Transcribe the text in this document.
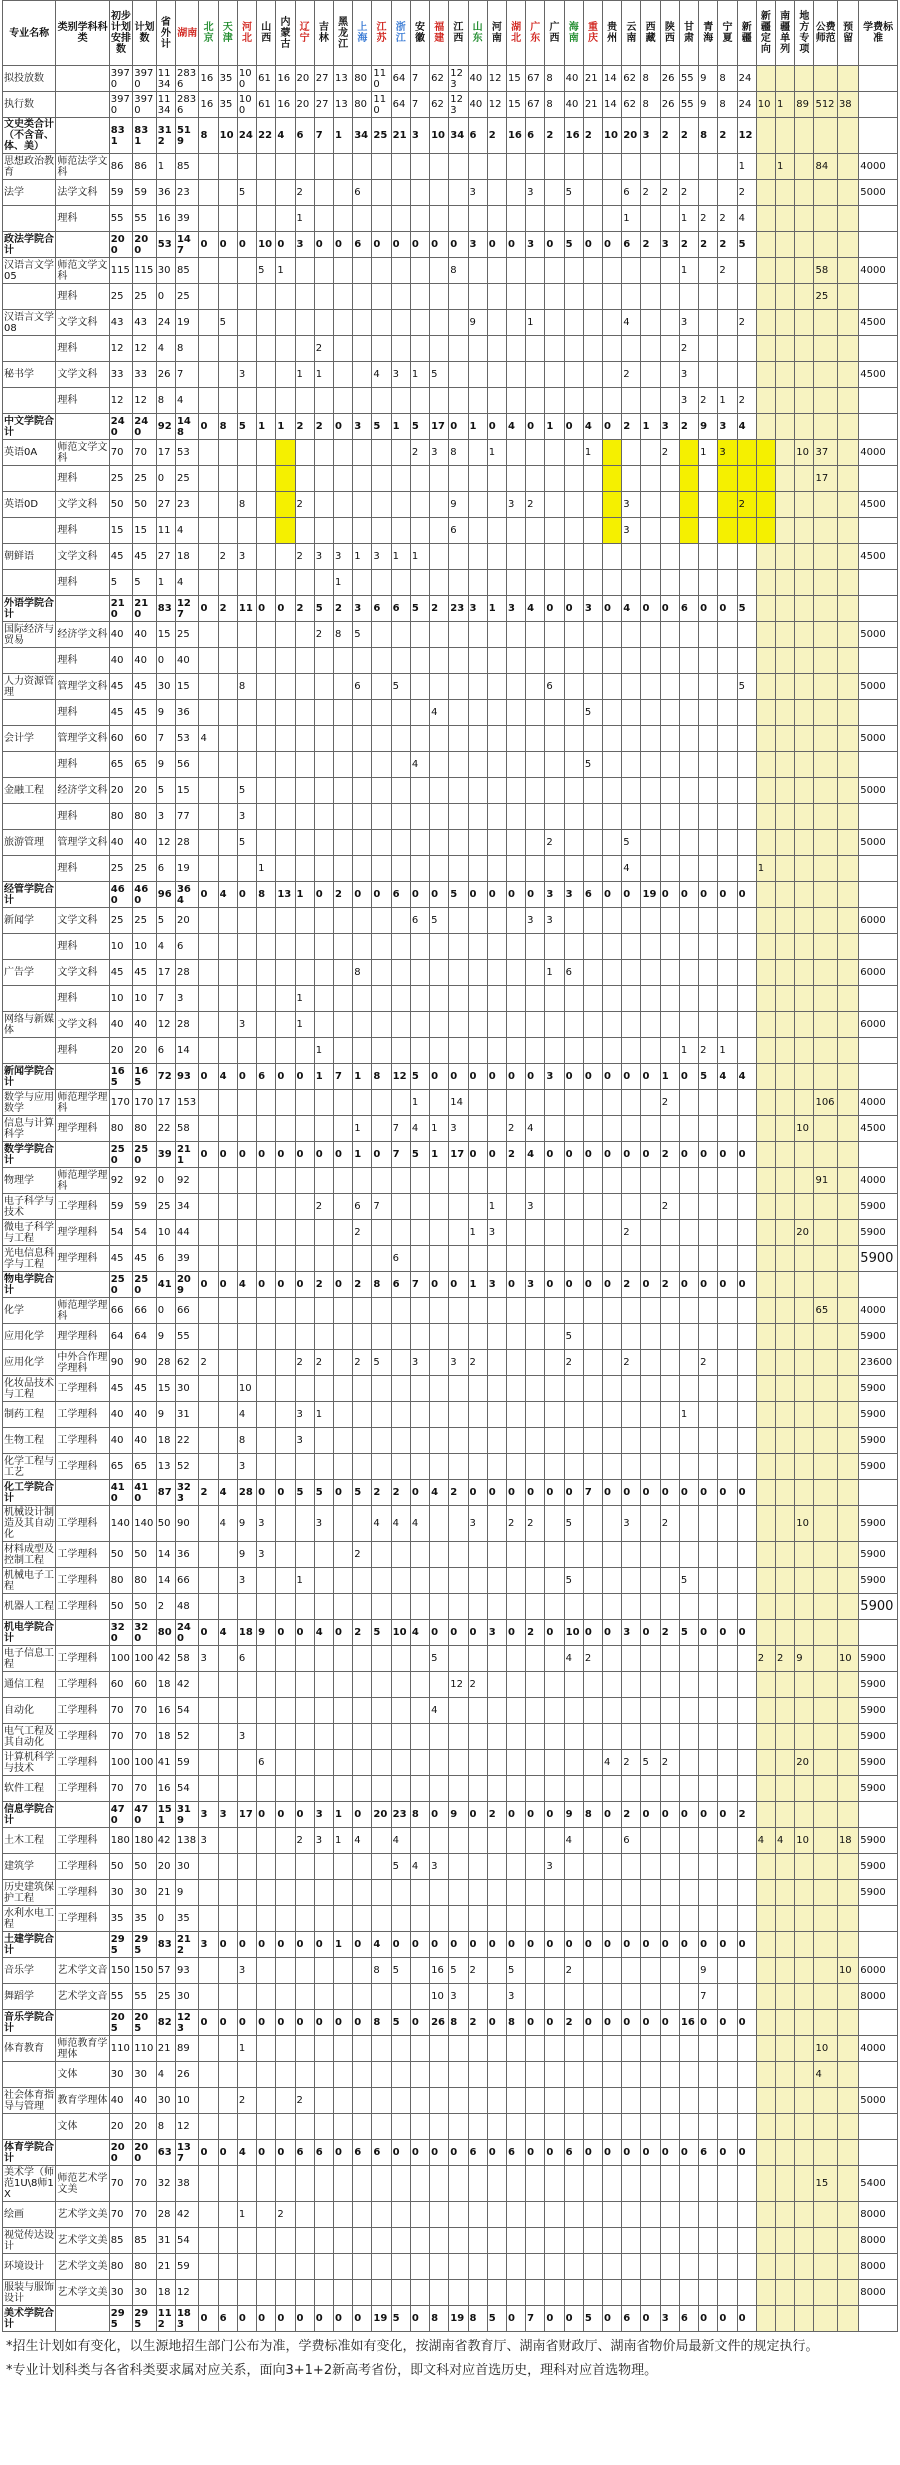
专业名称	类别学科科类	初步计划安排数	计划数	省外计	湖南	北京	天津	河北	山西	内蒙古	辽宁	吉林	黑龙江	上海	江苏	浙江	安徽	福建	江西	山东	河南	湖北	广东	广西	海南	重庆	贵州	云南	西藏	陕西	甘肃	青海	宁夏	新疆	新疆定向	南疆单列	地方专项	公费师范	预留	学费标准
拟投放数		3970	3970	1134	2836	16	35	100	61	16	20	27	13	80	110	64	7	62	123	40	12	15	67	8	40	21	14	62	8	26	55	9	8	24						
执行数		3970	3970	1134	2836	16	35	100	61	16	20	27	13	80	110	64	7	62	123	40	12	15	67	8	40	21	14	62	8	26	55	9	8	24	10	1	89	512	38	
文史类合计（不含音、体、美）		831	831	312	519	8	10	24	22	4	6	7	1	34	25	21	3	10	34	6	2	16	6	2	16	2	10	20	3	2	2	8	2	12						
思想政治教育	师范法学文科	86	86	1	85																													1		1		84		4000
法学	法学文科	59	59	36	23			5			2			6						3			3		5			6	2	2	2			2						5000
	理科	55	55	16	39						1																	1			1	2	2	4						
政法学院合计		200	200	53	147	0	0	0	10	0	3	0	0	6	0	0	0	0	0	3	0	0	3	0	5	0	0	6	2	3	2	2	2	5						
汉语言文学05	师范文学文科	115	115	30	85				5	1									8												1		2					58		4000
	理科	25	25	0	25																																	25		
汉语言文学08	文学文科	43	43	24	19		5													9			1					4			3			2						4500
	理科	12	12	4	8							2																			2									
秘书学	文学文科	33	33	26	7			3			1	1			4	3	1	5										2			3									4500
	理科	12	12	8	4																										3	2	1	2						
中文学院合计		240	240	92	148	0	8	5	1	1	2	2	0	3	5	1	5	17	0	1	0	4	0	1	0	4	0	2	1	3	2	9	3	4						
英语0A	师范文学文科	70	70	17	53												2	3	8		1					1				2		1	3				10	37		4000
	理科	25	25	0	25																																	17		
英语0D	文学文科	50	50	27	23			8			2								9			3	2					3						2						4500
	理科	15	15	11	4														6									3												
朝鲜语	文学文科	45	45	27	18		2	3			2	3	3	1	3	1	1																							4500
	理科	5	5	1	4								1																											
外语学院合计		210	210	83	127	0	2	11	0	0	2	5	2	3	6	6	5	2	23	3	1	3	4	0	0	3	0	4	0	0	6	0	0	5						
国际经济与贸易	经济学文科	40	40	15	25							2	8	5																										5000
	理科	40	40	0	40																																			
人力资源管理	管理学文科	45	45	30	15			8						6		5								6										5						5000
	理科	45	45	9	36													4								5														
会计学	管理学文科	60	60	7	53	4																																		5000
	理科	65	65	9	56												4									5														
金融工程	经济学文科	20	20	5	15			5																																5000
	理科	80	80	3	77			3																																
旅游管理	管理学文科	40	40	12	28			5																2				5												5000
	理科	25	25	6	19				1																			4							1					
经管学院合计		460	460	96	364	0	4	0	8	13	1	0	2	0	0	6	0	0	5	0	0	0	0	3	3	6	0	0	19	0	0	0	0	0						
新闻学	文学文科	25	25	5	20												6	5					3	3																6000
	理科	10	10	4	6																																			
广告学	文学文科	45	45	17	28									8										1	6															6000
	理科	10	10	7	3						1																													
网络与新媒体	文学文科	40	40	12	28			3			1																													6000
	理科	20	20	6	14							1																			1	2	1							
新闻学院合计		165	165	72	93	0	4	0	6	0	0	1	7	1	8	12	5	0	0	0	0	0	0	3	0	0	0	0	0	1	0	5	4	4						
数学与应用数学	师范理学理科	170	170	17	153												1		14											2								106		4000
信息与计算科学	理学理科	80	80	22	58									1		7	4	1	3			2	4														10			4500
数学学院合计		250	250	39	211	0	0	0	0	0	0	0	0	1	0	7	5	1	17	0	0	2	4	0	0	0	0	0	0	2	0	0	0	0						
物理学	师范理学理科	92	92	0	92																																	91		4000
电子科学与技术	工学理科	59	59	25	34							2		6	7						1		3							2										5900
微电子科学与工程	理学理科	54	54	10	44									2						1	3							2									20			5900
光电信息科学与工程	理学理科	45	45	6	39											6																								5900
物电学院合计		250	250	41	209	0	0	4	0	0	0	2	0	2	8	6	7	0	0	1	3	0	3	0	0	0	0	2	0	2	0	0	0	0						
化学	师范理学理科	66	66	0	66																																	65		4000
应用化学	理学理科	64	64	9	55																				5															5900
应用化学	中外合作理学理科	90	90	28	62	2					2	2		2	5		3		3	2					2			2				2								23600
化妆品技术与工程	工学理科	45	45	15	30			10																																5900
制药工程	工学理科	40	40	9	31			4			3	1																			1									5900
生物工程	工学理科	40	40	18	22			8			3																													5900
化学工程与工艺	工学理科	65	65	13	52			3																																5900
化工学院合计		410	410	87	323	2	4	28	0	0	5	5	0	5	2	2	0	4	2	0	0	0	0	0	0	7	0	0	0	0	0	0	0	0						
机械设计制造及其自动化	工学理科	140	140	50	90		4	9	3			3			4	4	4			3		2	2		5			3		2							10			5900
材料成型及控制工程	工学理科	50	50	14	36			9	3					2																										5900
机械电子工程	工学理科	80	80	14	66			3			1														5						5									5900
机器人工程	工学理科	50	50	2	48																																			5900
机电学院合计		320	320	80	240	0	4	18	9	0	0	4	0	2	5	10	4	0	0	0	3	0	2	0	10	0	0	3	0	2	5	0	0	0						
电子信息工程	工学理科	100	100	42	58	3		6										5							4	2									2	2	9		10	5900
通信工程	工学理科	60	60	18	42														12	2																				5900
自动化	工学理科	70	70	16	54													4																						5900
电气工程及其自动化	工学理科	70	70	18	52			3																																5900
计算机科学与技术	工学理科	100	100	41	59				6																		4	2	5	2							20			5900
软件工程	工学理科	70	70	16	54																																			5900
信息学院合计		470	470	151	319	3	3	17	0	0	0	3	1	0	20	23	8	0	9	0	2	0	0	0	9	8	0	2	0	0	0	0	0	2						
土木工程	工学理科	180	180	42	138	3					2	3	1	4		4									4			6							4	4	10		18	5900
建筑学	工学理科	50	50	20	30											5	4	3						3																5900
历史建筑保护工程	工学理科	30	30	21	9																																			5900
水利水电工程	工学理科	35	35	0	35																																			
土建学院合计		295	295	83	212	3	0	0	0	0	0	0	1	0	4	0	0	0	0	0	0	0	0	0	0	0	0	0	0	0	0	0	0	0						
音乐学	艺术学文音	150	150	57	93			3							8	5		16	5	2		5			2							9							10	6000
舞蹈学	艺术学文音	55	55	25	30													10	3			3										7								8000
音乐学院合计		205	205	82	123	0	0	0	0	0	0	0	0	0	8	5	0	26	8	2	0	8	0	0	2	0	0	0	0	0	16	0	0	0						
体育教育	师范教育学理体	110	110	21	89			1																														10		4000
	文体	30	30	4	26																																	4		
社会体育指导与管理	教育学理体	40	40	30	10			2			2																													5000
	文体	20	20	8	12																																			
体育学院合计		200	200	63	137	0	0	4	0	0	6	6	0	6	6	0	0	0	0	6	0	6	0	0	6	0	0	0	0	0	0	6	0	0						
美术学（师范1U\8师1X	师范艺术学文美	70	70	32	38																																	15		5400
绘画	艺术学文美	70	70	28	42			1		2																														8000
视觉传达设计	艺术学文美	85	85	31	54																																			8000
环境设计	艺术学文美	80	80	21	59																																			8000
服装与服饰设计	艺术学文美	30	30	18	12																																			8000
美术学院合计		295	295	112	183	0	6	0	0	0	0	0	0	0	19	5	0	8	19	8	5	0	7	0	0	5	0	6	0	3	6	0	0	0						
*招生计划如有变化，以生源地招生部门公布为准，学费标准如有变化，按湖南省教育厅、湖南省财政厅、湖南省物价局最新文件的规定执行。
*专业计划科类与各省科类要求属对应关系，面向3+1+2新高考省份，即文科对应首选历史，理科对应首选物理。
